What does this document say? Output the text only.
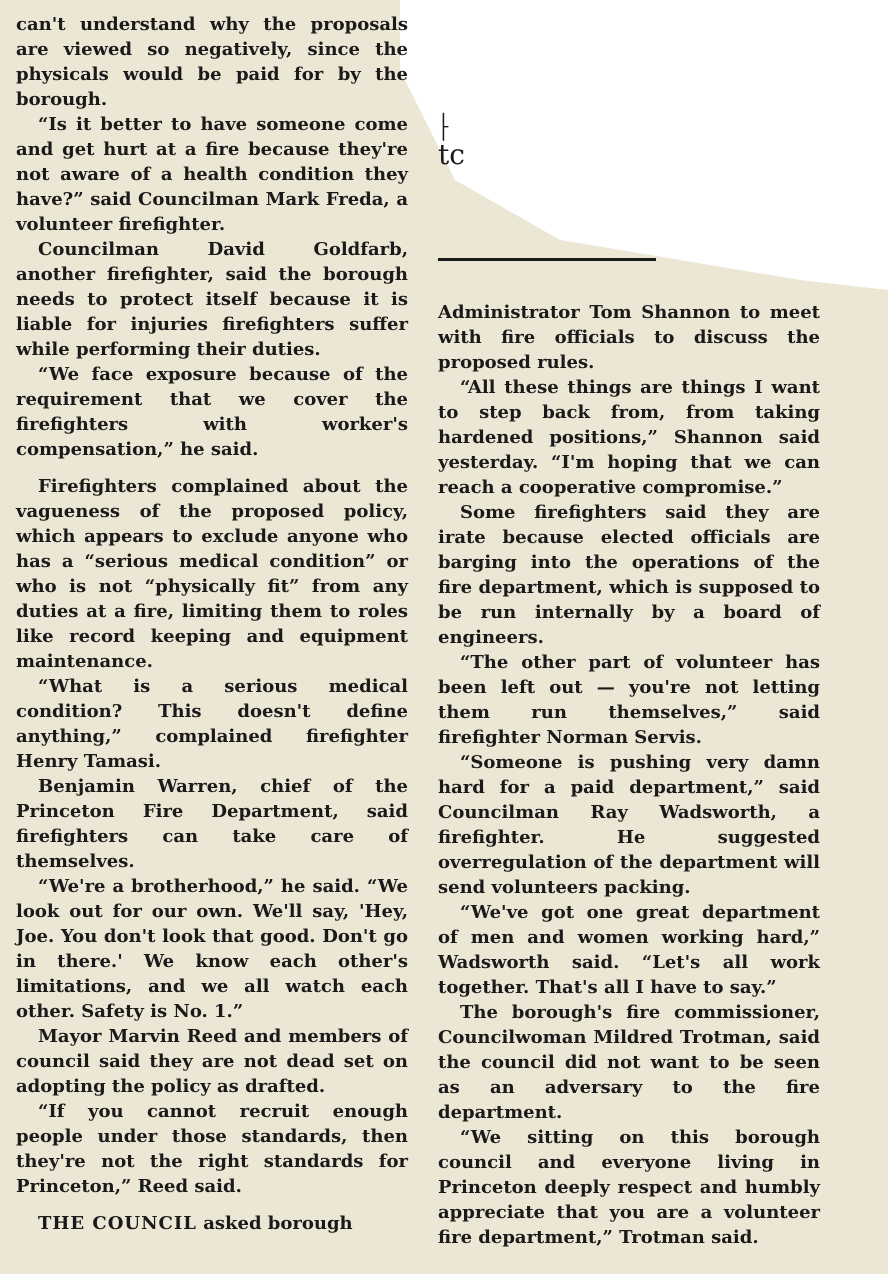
can't understand why the proposals are viewed so negatively, since the physicals would be paid for by the borough.

“Is it better to have someone come and get hurt at a fire because they're not aware of a health condition they have?” said Councilman Mark Freda, a volunteer firefighter.

Councilman David Goldfarb, another firefighter, said the borough needs to protect itself because it is liable for injuries firefighters suffer while performing their duties.

“We face exposure because of the requirement that we cover the firefighters with worker's compensation,” he said.

Firefighters complained about the vagueness of the proposed policy, which appears to exclude anyone who has a “serious medical condition” or who is not “physically fit” from any duties at a fire, limiting them to roles like record keeping and equipment maintenance.

“What is a serious medical condition? This doesn't define anything,” complained firefighter Henry Tamasi.

Benjamin Warren, chief of the Princeton Fire Department, said firefighters can take care of themselves.

“We're a brotherhood,” he said. “We look out for our own. We'll say, 'Hey, Joe. You don't look that good. Don't go in there.' We know each other's limitations, and we all watch each other. Safety is No. 1.”

Mayor Marvin Reed and members of council said they are not dead set on adopting the policy as drafted.

“If you cannot recruit enough people under those standards, then they're not the right standards for Princeton,” Reed said.

THE COUNCIL asked borough

⸠
tc

Administrator Tom Shannon to meet with fire officials to discuss the proposed rules.

“All these things are things I want to step back from, from taking hardened positions,” Shannon said yesterday. “I'm hoping that we can reach a cooperative compromise.”

Some firefighters said they are irate because elected officials are barging into the operations of the fire department, which is supposed to be run internally by a board of engineers.

“The other part of volunteer has been left out — you're not letting them run themselves,” said firefighter Norman Servis.

“Someone is pushing very damn hard for a paid department,” said Councilman Ray Wadsworth, a firefighter. He suggested overregulation of the department will send volunteers packing.

“We've got one great department of men and women working hard,” Wadsworth said. “Let's all work together. That's all I have to say.”

The borough's fire commissioner, Councilwoman Mildred Trotman, said the council did not want to be seen as an adversary to the fire department.

“We sitting on this borough council and everyone living in Princeton deeply respect and humbly appreciate that you are a volunteer fire department,” Trotman said.
